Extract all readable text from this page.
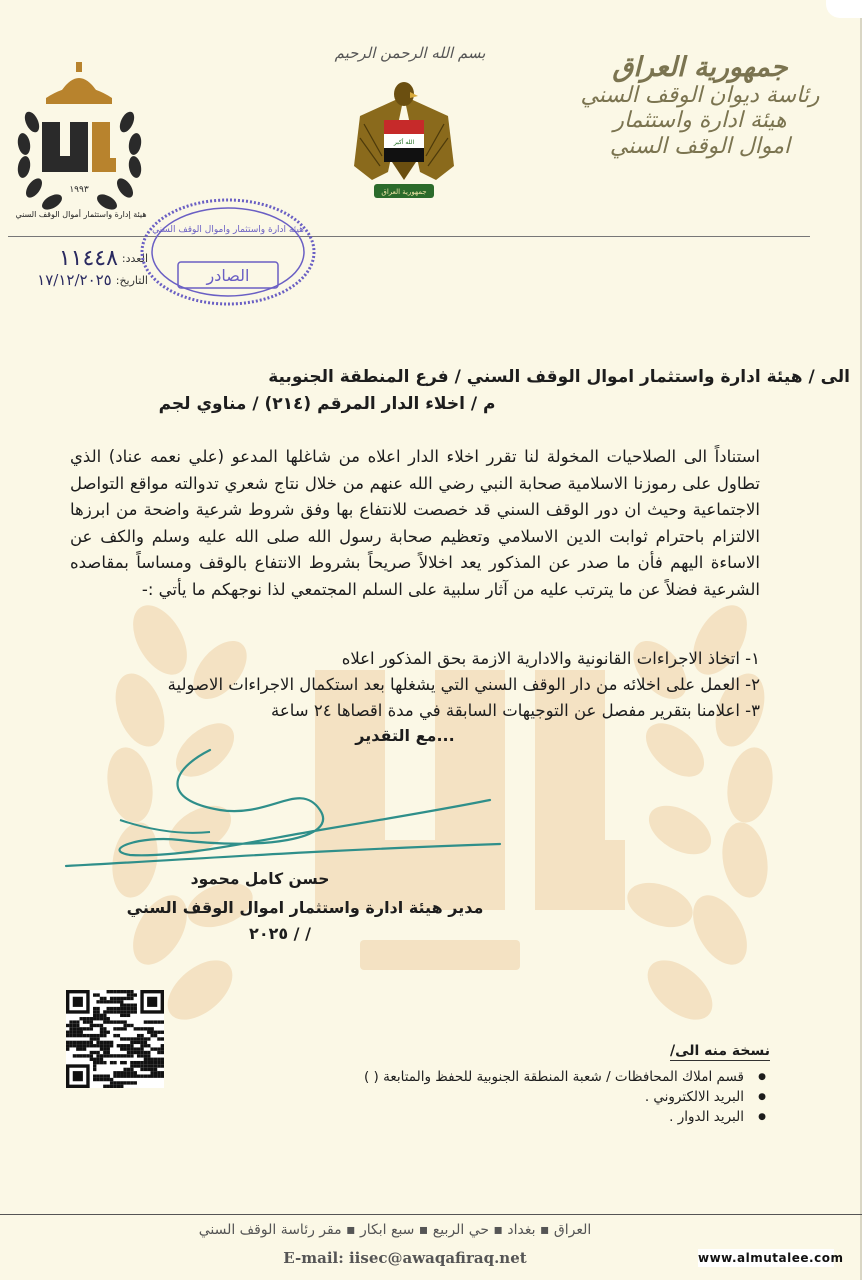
١٩٩٣
هيئة إدارة واستثمار أموال الوقف السني
بسم الله الرحمن الرحيم
الله أكبر
جمهورية العراق
جمهورية العراق
رئاسة ديوان الوقف السني
هيئة ادارة واستثمار
اموال الوقف السني
العدد:
١١٤٤٨
التاريخ:
١٧/١٢/٢٠٢٥
هيئة ادارة واستثمار واموال الوقف السني
الصادر
الى / هيئة ادارة واستثمار اموال الوقف السني / فرع المنطقة الجنوبية
م / اخلاء الدار المرقم (٢١٤) / مناوي لجم
استناداً الى الصلاحيات المخولة لنا تقرر اخلاء الدار اعلاه من شاغلها المدعو (علي نعمه عناد) الذي تطاول على رموزنا الاسلامية صحابة النبي رضي الله عنهم من خلال نتاج شعري تدوالته مواقع التواصل الاجتماعية وحيث ان دور الوقف السني قد خصصت للانتفاع بها وفق شروط شرعية واضحة من ابرزها الالتزام باحترام ثوابت الدين الاسلامي وتعظيم صحابة رسول الله صلى الله عليه وسلم والكف عن الاساءة اليهم فأن ما صدر عن المذكور يعد اخلالاً صريحاً بشروط الانتفاع بالوقف ومساساً بمقاصده الشرعية فضلاً عن ما يترتب عليه من آثار سلبية على السلم المجتمعي لذا نوجهكم ما يأتي :-
١- اتخاذ الاجراءات القانونية والادارية الازمة بحق المذكور اعلاه
٢- العمل على اخلائه من دار الوقف السني التي يشغلها بعد استكمال الاجراءات الاصولية
٣- اعلامنا بتقرير مفصل عن التوجيهات السابقة في مدة اقصاها ٢٤ ساعة
...مع التقدير
حسن كامل محمود
مدير هيئة ادارة واستثمار اموال الوقف السني
/ / ٢٠٢٥
نسخة منه الى/
● قسم املاك المحافظات / شعبة المنطقة الجنوبية للحفظ والمتابعة ( )
● البريد الالكتروني .
● البريد الدوار .
العراق ▪ بغداد ▪ حي الربيع ▪ سبع ابكار ▪ مقر رئاسة الوقف السني
E-mail: iisec@awaqafiraq.net	www.almutalee.com
